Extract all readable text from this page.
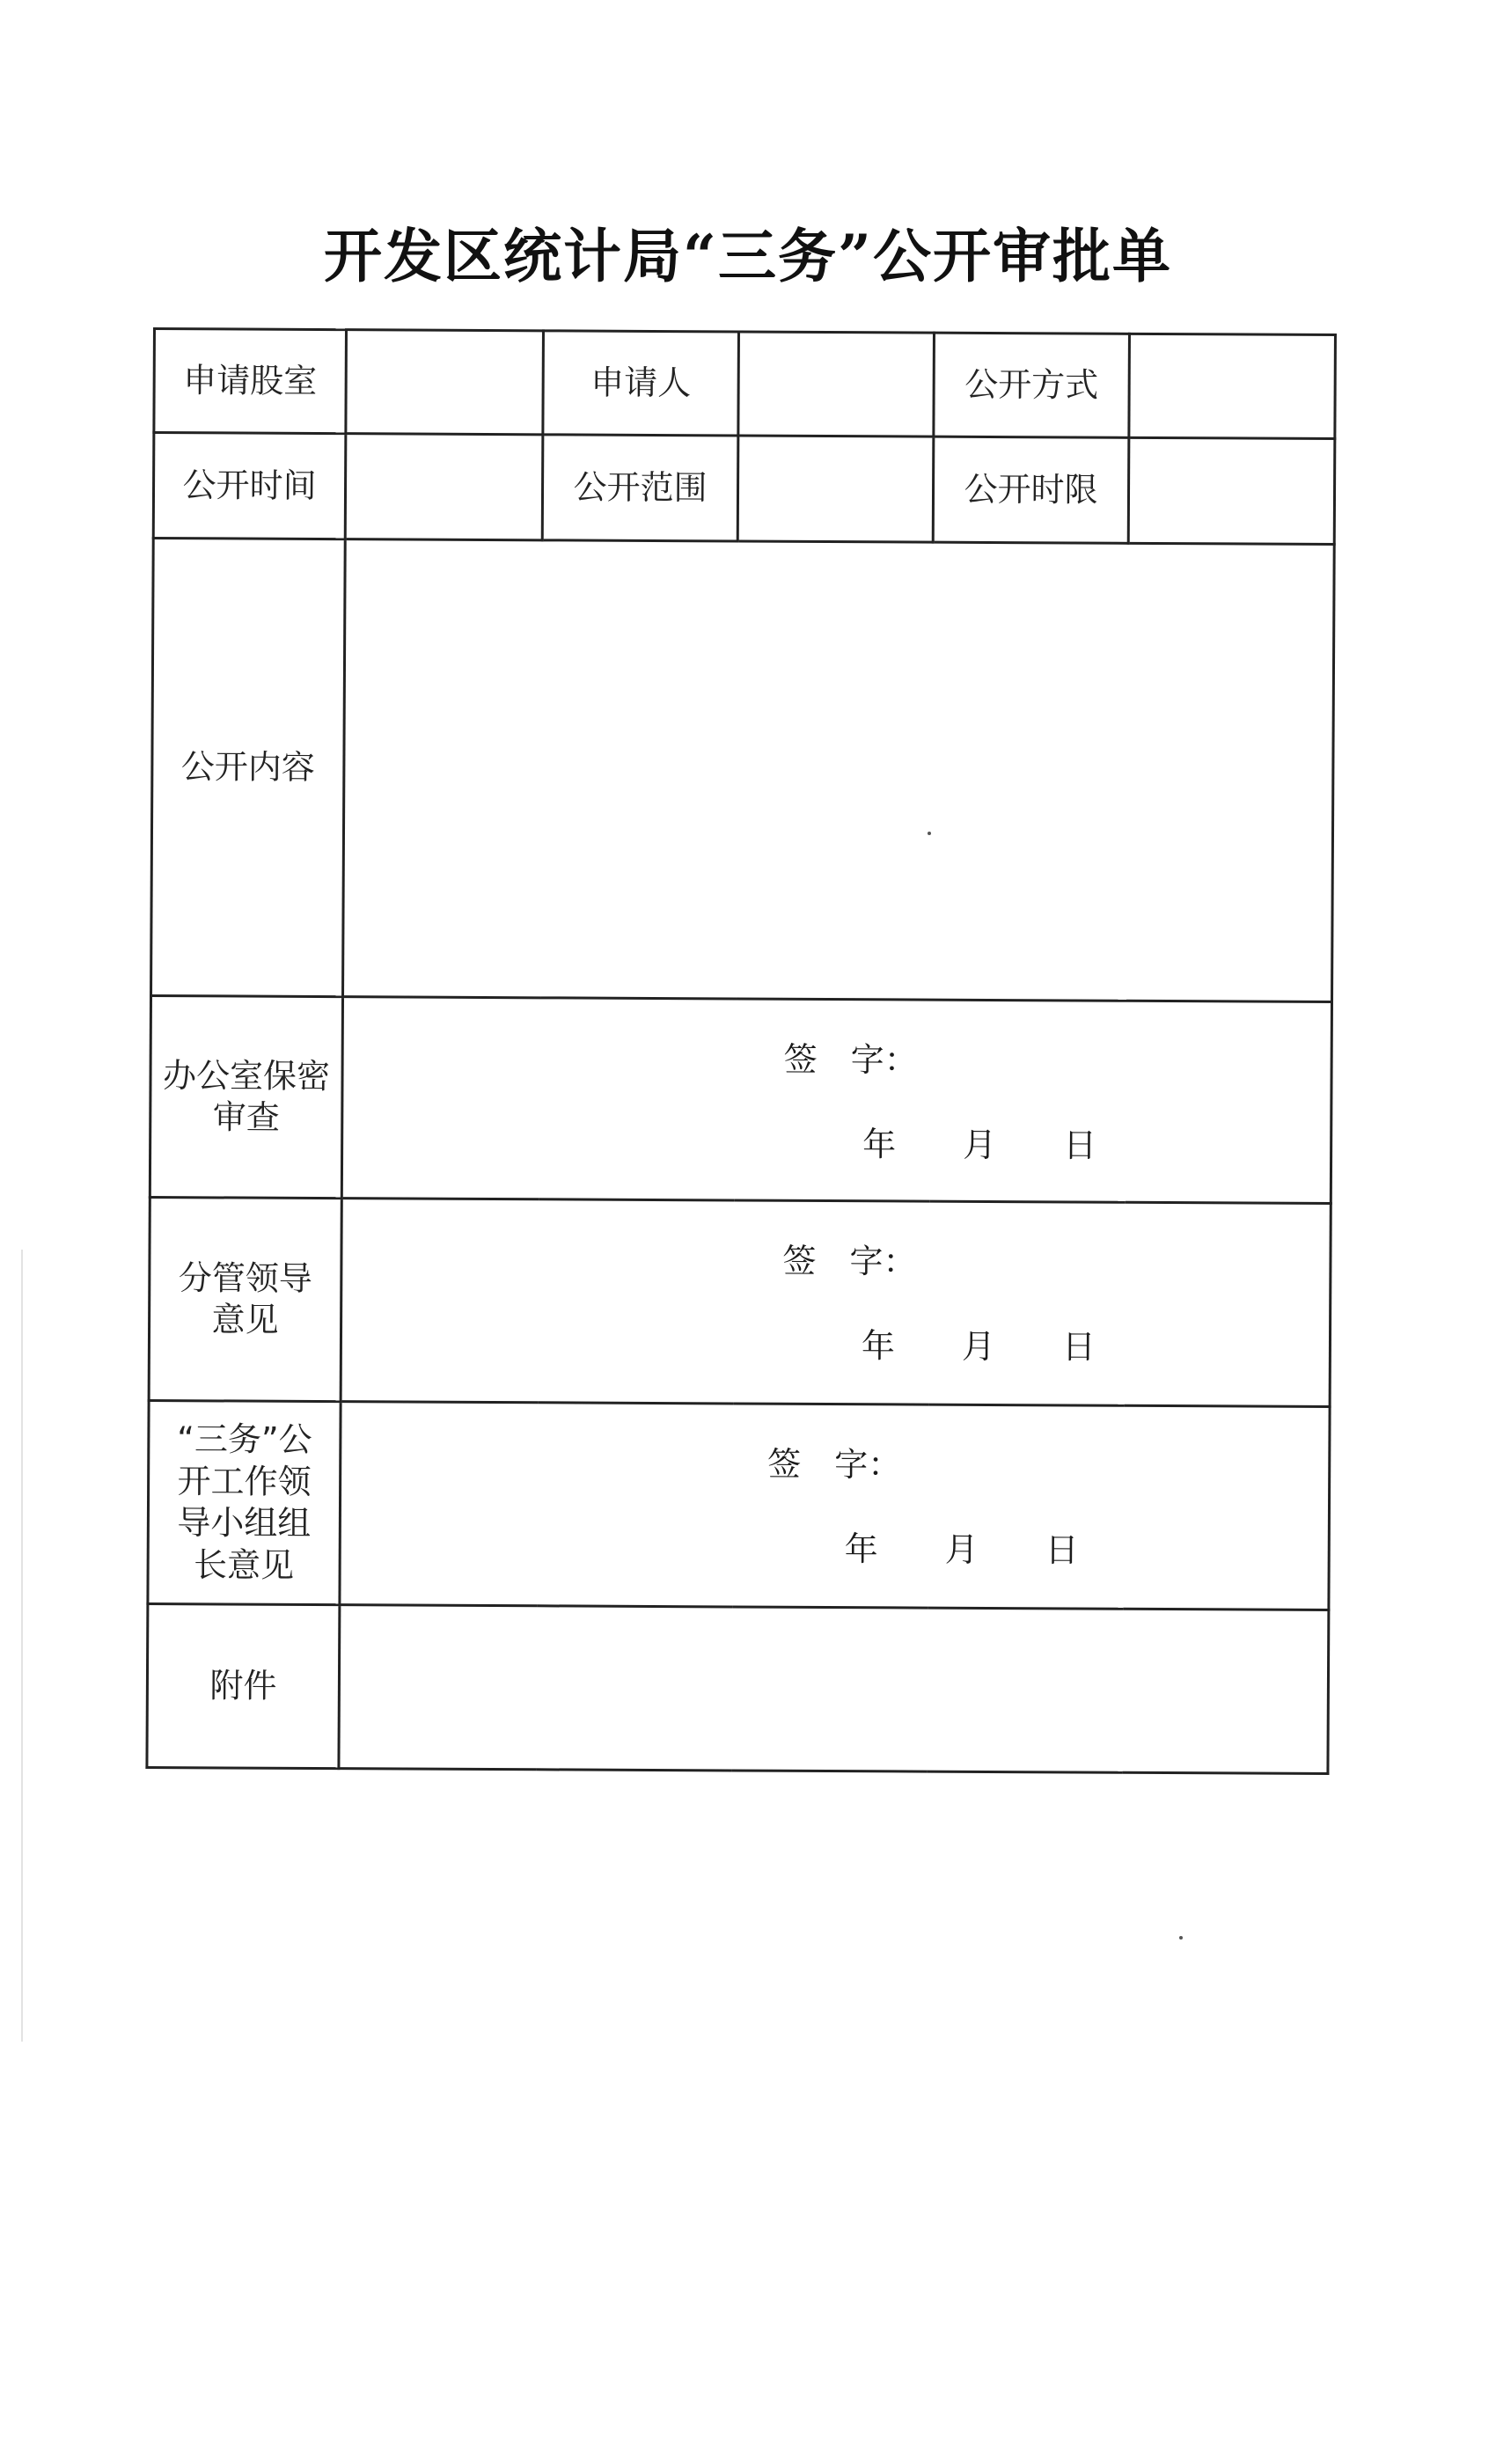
开发区统计局“三务”公开审批单
申请股室		申请人		公开方式	
公开时间		公开范围		公开时限	
公开内容					
办公室保密审查	签　字：
年　　月　　日				

分管领导意见	签　字：
年　　月　　日				

“三务”公开工作领导小组组长意见	签　字：
年　　月　　日				

附件					
